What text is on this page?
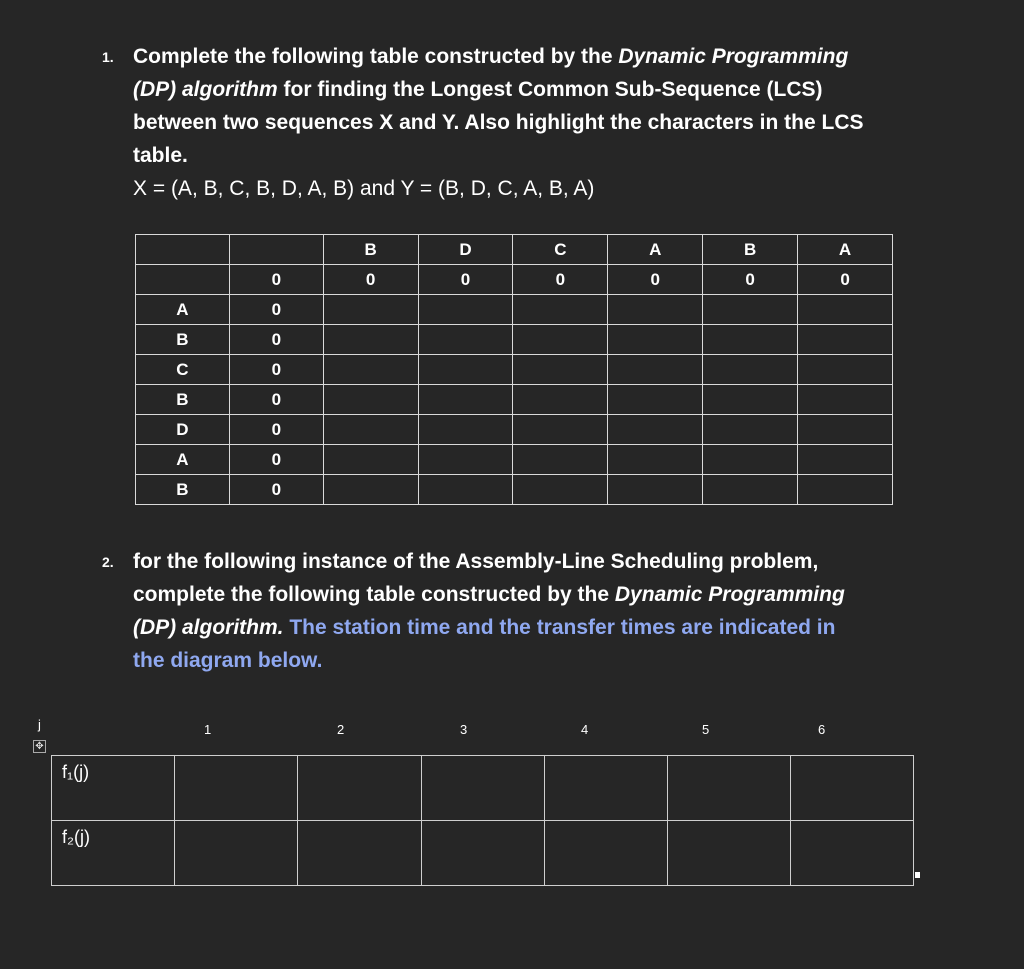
1. Complete the following table constructed by the Dynamic Programming
(DP) algorithm for finding the Longest Common Sub-Sequence (LCS)
between two sequences X and Y. Also highlight the characters in the LCS
table.
X = (A, B, C, B, D, A, B) and Y = (B, D, C, A, B, A)
		B	D	C	A	B	A
	0	0	0	0	0	0	0
A	0						
B	0						
C	0						
B	0						
D	0						
A	0						
B	0						
2. for the following instance of the Assembly-Line Scheduling problem,
complete the following table constructed by the Dynamic Programming
(DP) algorithm. The station time and the transfer times are indicated in
the diagram below.
j
✥
1	2	3	4	5	6
f₁(j)						
f₂(j)						
